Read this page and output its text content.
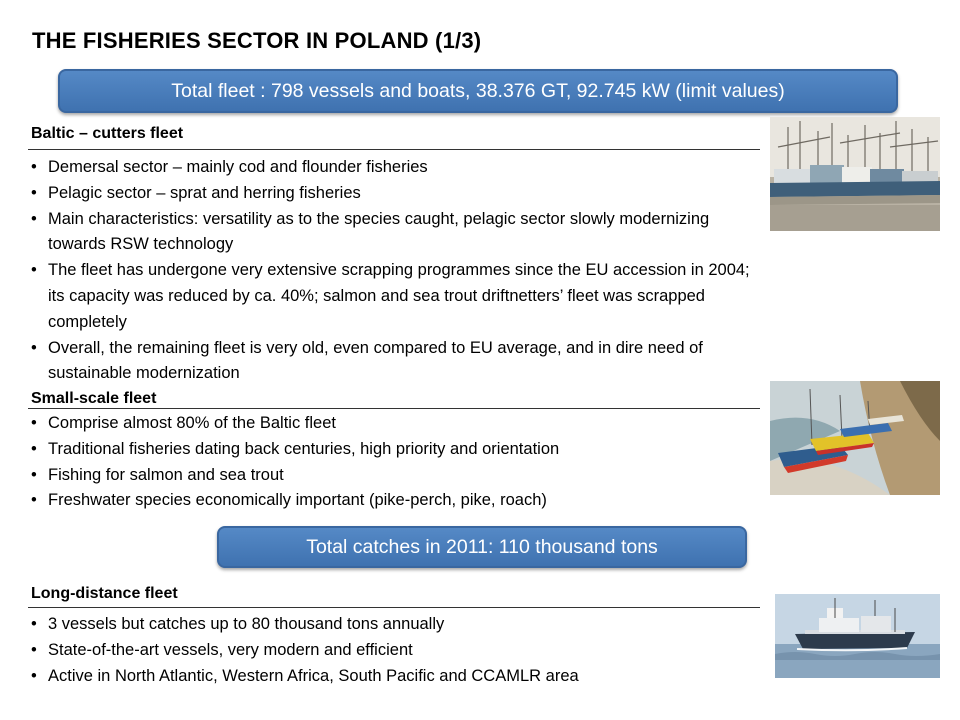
THE FISHERIES SECTOR IN POLAND (1/3)
Total fleet : 798 vessels and boats, 38.376 GT, 92.745 kW (limit values)
Baltic – cutters fleet
• Demersal sector – mainly cod and flounder fisheries
• Pelagic sector – sprat and herring fisheries
• Main characteristics: versatility as to the species caught, pelagic sector slowly modernizing towards RSW technology
• The fleet has undergone very extensive scrapping programmes since the EU accession in 2004; its capacity was reduced by ca. 40%; salmon and sea trout driftnetters’ fleet was scrapped completely
• Overall, the remaining fleet is very old, even compared to EU average, and in dire need of sustainable modernization
Small-scale fleet
• Comprise almost 80% of the Baltic fleet
• Traditional fisheries dating back centuries, high priority and orientation
• Fishing for salmon and sea trout
• Freshwater species economically important (pike-perch, pike, roach)
Total catches in 2011: 110 thousand tons
Long-distance fleet
• 3 vessels but catches up to 80 thousand tons annually
• State-of-the-art vessels, very modern and efficient
• Active in North Atlantic, Western Africa, South Pacific and CCAMLR area
